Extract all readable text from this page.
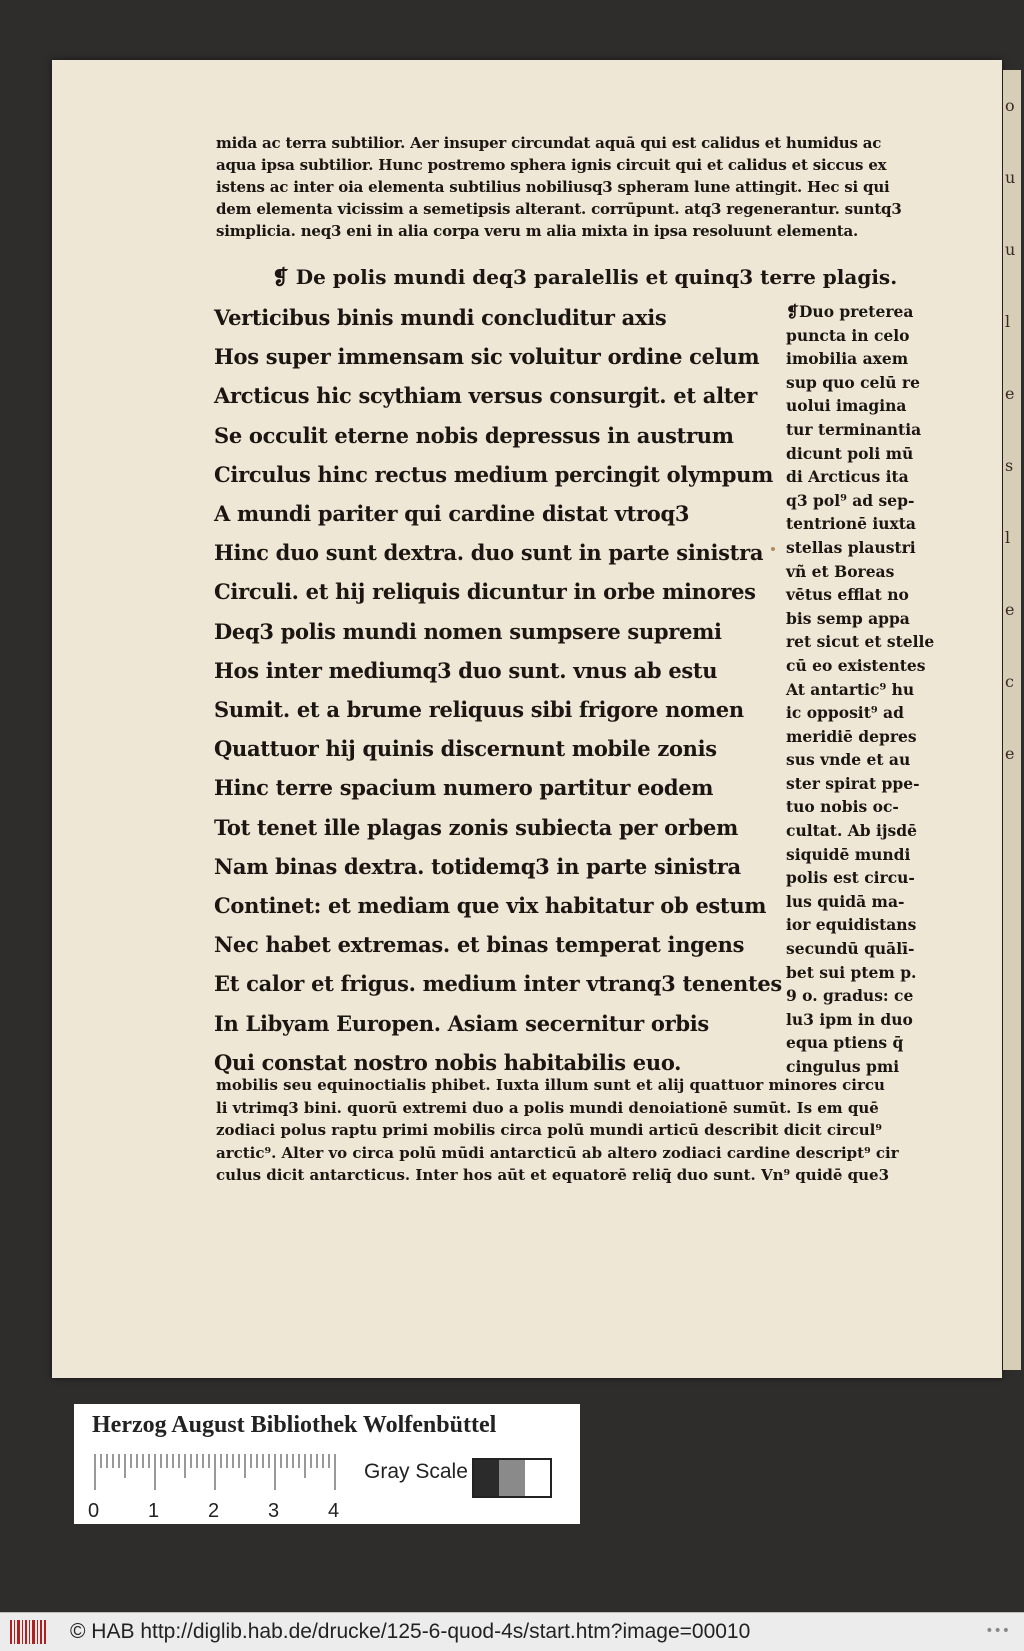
o
u
u
l
e
s
l
e
c
e

mida ac terra subtilior. Aer insuper circundat aquā qui est calidus et humidus ac
aqua ipsa subtilior. Hunc postremo sphera ignis circuit qui et calidus et siccus ex
istens ac inter oia elementa subtilius nobiliusq3 spheram lune attingit. Hec si qui
dem elementa vicissim a semetipsis alterant. corrūpunt. atq3 regenerantur. suntq3
simplicia. neq3 eni in alia corpa veru m alia mixta in ipsa resoluunt elementa.
❡ De polis mundi deq3 paralellis et quinq3 terre plagis.
Verticibus binis mundi concluditur axis
Hos super immensam sic voluitur ordine celum
Arcticus hic scythiam versus consurgit. et alter
Se occulit eterne nobis depressus in austrum
Circulus hinc rectus medium percingit olympum
A mundi pariter qui cardine distat vtroq3
Hinc duo sunt dextra. duo sunt in parte sinistra
Circuli. et hij reliquis dicuntur in orbe minores
Deq3 polis mundi nomen sumpsere supremi
Hos inter mediumq3 duo sunt. vnus ab estu
Sumit. et a brume reliquus sibi frigore nomen
Quattuor hij quinis discernunt mobile zonis
Hinc terre spacium numero partitur eodem
Tot tenet ille plagas zonis subiecta per orbem
Nam binas dextra. totidemq3 in parte sinistra
Continet: et mediam que vix habitatur ob estum
Nec habet extremas. et binas temperat ingens
Et calor et frigus. medium inter vtranq3 tenentes
In Libyam Europen. Asiam secernitur orbis
Qui constat nostro nobis habitabilis euo.
❡Duo preterea
puncta in celo
imobilia axem
sup quo celū re
uolui imagina
tur terminantia
dicunt poli mū
di Arcticus ita
q3 pol⁹ ad sep-
tentrionē iuxta
stellas plaustri
vñ et Boreas
vētus efflat no
bis semp appa
ret sicut et stelle
cū eo existentes
At antartic⁹ hu
ic opposit⁹ ad
meridiē depres
sus vnde et au
ster spirat ppe-
tuo nobis oc-
cultat. Ab ijsdē
siquidē mundi
polis est circu-
lus quidā ma-
ior equidistans
secundū quālī-
bet sui ptem p.
9 o. gradus: ce
lu3 ipm in duo
equa ptiens q̄
cingulus pmi
mobilis seu equinoctialis phibet. Iuxta illum sunt et alij quattuor minores circu
li vtrimq3 bini. quorū extremi duo a polis mundi denoiationē sumūt. Is em quē
zodiaci polus raptu primi mobilis circa polū mundi articū describit dicit circul⁹
arctic⁹. Alter vo circa polū mūdi antarcticū ab altero zodiaci cardine descript⁹ cir
culus dicit antarcticus. Inter hos aūt et equatorē reliq̄ duo sunt. Vn⁹ quidē que3
Herzog August Bibliothek Wolfenbüttel
0 1 2 3 4
Gray Scale
© HAB http://diglib.hab.de/drucke/125-6-quod-4s/start.htm?image=00010	•••
